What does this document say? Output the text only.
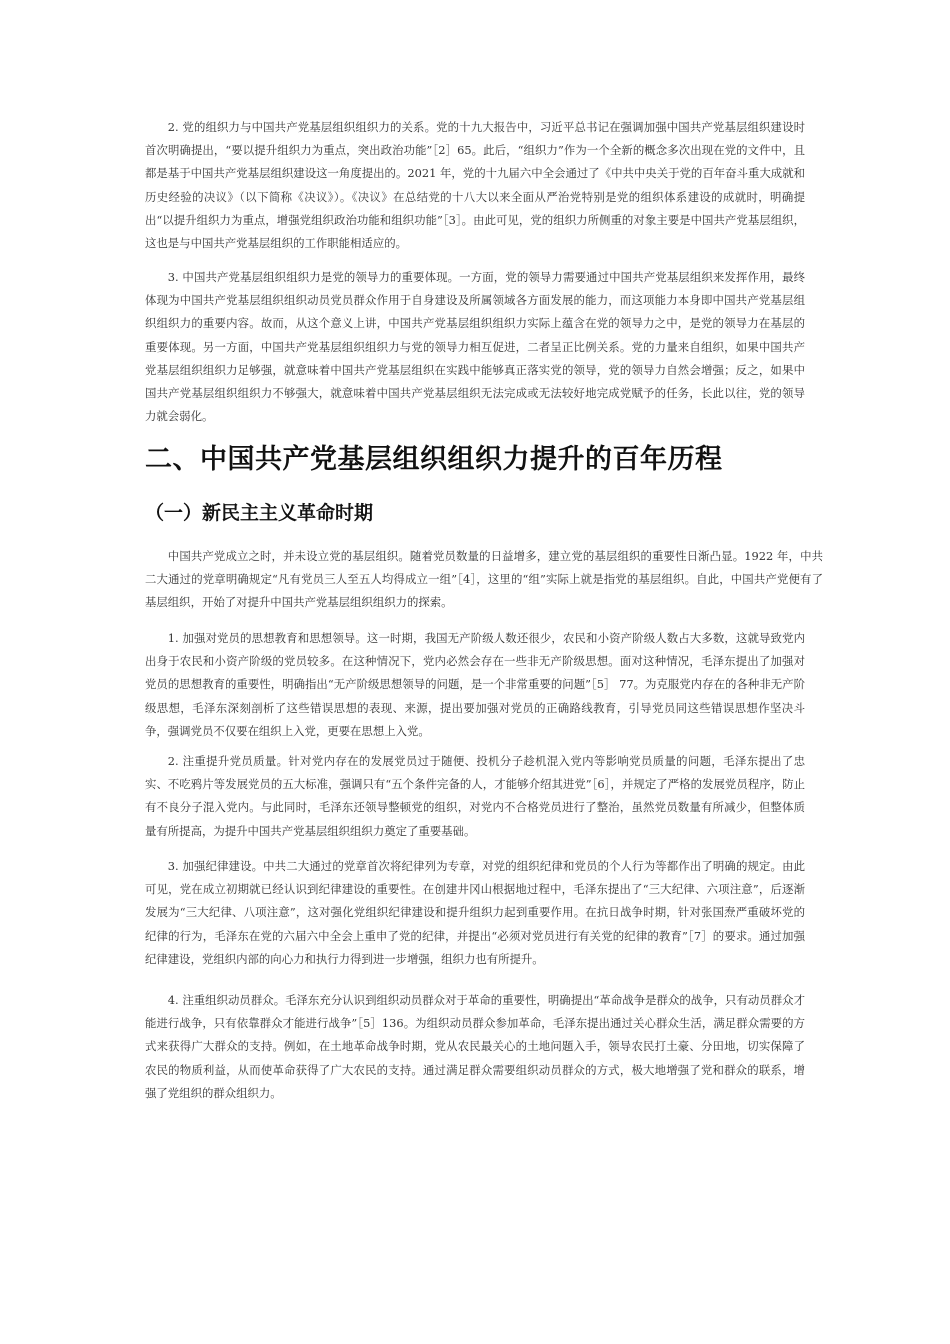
2. 党的组织力与中国共产党基层组织组织力的关系。党的十九大报告中，习近平总书记在强调加强中国共产党基层组织建设时首次明确提出，“要以提升组织力为重点，突出政治功能”［2］65。此后，“组织力”作为一个全新的概念多次出现在党的文件中，且都是基于中国共产党基层组织建设这一角度提出的。2021 年，党的十九届六中全会通过了《中共中央关于党的百年奋斗重大成就和历史经验的决议》（以下简称《决议》）。《决议》在总结党的十八大以来全面从严治党特别是党的组织体系建设的成就时，明确提出“以提升组织力为重点，增强党组织政治功能和组织功能”［3］。由此可见，党的组织力所侧重的对象主要是中国共产党基层组织，这也是与中国共产党基层组织的工作职能相适应的。

3. 中国共产党基层组织组织力是党的领导力的重要体现。一方面，党的领导力需要通过中国共产党基层组织来发挥作用，最终体现为中国共产党基层组织组织动员党员群众作用于自身建设及所属领域各方面发展的能力，而这项能力本身即中国共产党基层组织组织力的重要内容。故而，从这个意义上讲，中国共产党基层组织组织力实际上蕴含在党的领导力之中，是党的领导力在基层的重要体现。另一方面，中国共产党基层组织组织力与党的领导力相互促进，二者呈正比例关系。党的力量来自组织，如果中国共产党基层组织组织力足够强，就意味着中国共产党基层组织在实践中能够真正落实党的领导，党的领导力自然会增强；反之，如果中国共产党基层组织组织力不够强大，就意味着中国共产党基层组织无法完成或无法较好地完成党赋予的任务，长此以往，党的领导力就会弱化。

二、中国共产党基层组织组织力提升的百年历程
（一）新民主主义革命时期

中国共产党成立之时，并未设立党的基层组织。随着党员数量的日益增多，建立党的基层组织的重要性日渐凸显。1922 年，中共二大通过的党章明确规定“凡有党员三人至五人均得成立一组”［4］，这里的“组”实际上就是指党的基层组织。自此，中国共产党便有了基层组织，开始了对提升中国共产党基层组织组织力的探索。

1. 加强对党员的思想教育和思想领导。这一时期，我国无产阶级人数还很少，农民和小资产阶级人数占大多数，这就导致党内出身于农民和小资产阶级的党员较多。在这种情况下，党内必然会存在一些非无产阶级思想。面对这种情况，毛泽东提出了加强对党员的思想教育的重要性，明确指出“无产阶级思想领导的问题，是一个非常重要的问题”［5］ 77。为克服党内存在的各种非无产阶级思想，毛泽东深刻剖析了这些错误思想的表现、来源，提出要加强对党员的正确路线教育，引导党员同这些错误思想作坚决斗争，强调党员不仅要在组织上入党，更要在思想上入党。

2. 注重提升党员质量。针对党内存在的发展党员过于随便、投机分子趁机混入党内等影响党员质量的问题，毛泽东提出了忠实、不吃鸦片等发展党员的五大标准，强调只有“五个条件完备的人，才能够介绍其进党”［6］，并规定了严格的发展党员程序，防止有不良分子混入党内。与此同时，毛泽东还领导整顿党的组织，对党内不合格党员进行了整治，虽然党员数量有所减少，但整体质量有所提高，为提升中国共产党基层组织组织力奠定了重要基础。

3. 加强纪律建设。中共二大通过的党章首次将纪律列为专章，对党的组织纪律和党员的个人行为等都作出了明确的规定。由此可见，党在成立初期就已经认识到纪律建设的重要性。在创建井冈山根据地过程中，毛泽东提出了“三大纪律、六项注意”，后逐渐发展为“三大纪律、八项注意”，这对强化党组织纪律建设和提升组织力起到重要作用。在抗日战争时期，针对张国焘严重破坏党的纪律的行为，毛泽东在党的六届六中全会上重申了党的纪律，并提出“必须对党员进行有关党的纪律的教育”［7］的要求。通过加强纪律建设，党组织内部的向心力和执行力得到进一步增强，组织力也有所提升。

4. 注重组织动员群众。毛泽东充分认识到组织动员群众对于革命的重要性，明确提出“革命战争是群众的战争，只有动员群众才能进行战争，只有依靠群众才能进行战争”［5］136。为组织动员群众参加革命，毛泽东提出通过关心群众生活，满足群众需要的方式来获得广大群众的支持。例如，在土地革命战争时期，党从农民最关心的土地问题入手，领导农民打土豪、分田地，切实保障了农民的物质利益，从而使革命获得了广大农民的支持。通过满足群众需要组织动员群众的方式，极大地增强了党和群众的联系，增强了党组织的群众组织力。
